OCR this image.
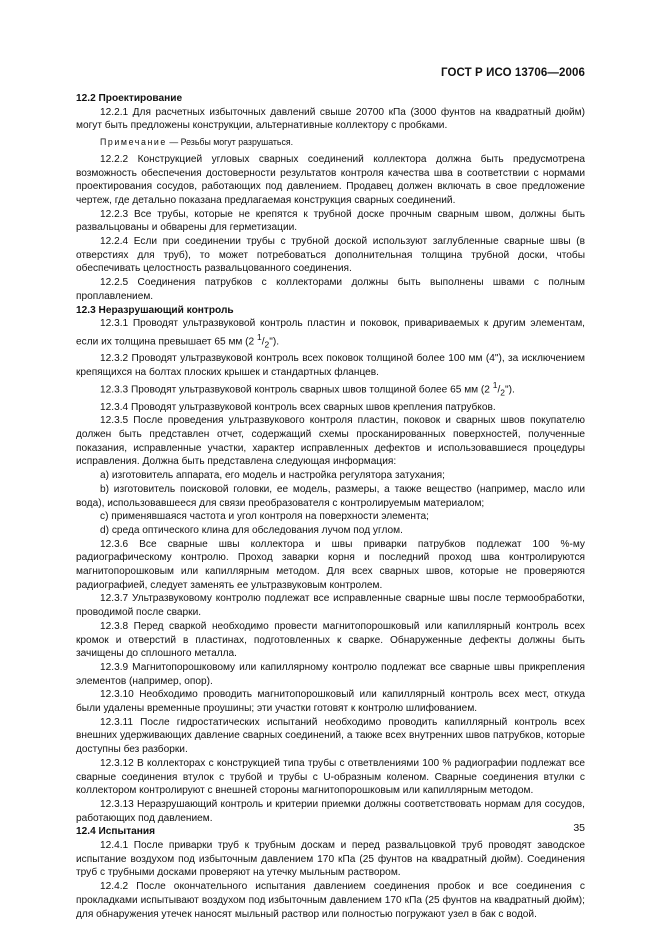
ГОСТ Р ИСО 13706—2006

12.2 Проектирование

12.2.1 Для расчетных избыточных давлений свыше 20700 кПа (3000 фунтов на квадратный дюйм) могут быть предложены конструкции, альтернативные коллектору с пробками.

Примечание — Резьбы могут разрушаться.

12.2.2 Конструкцией угловых сварных соединений коллектора должна быть предусмотрена возможность обеспечения достоверности результатов контроля качества шва в соответствии с нормами проектирования сосудов, работающих под давлением. Продавец должен включать в свое предложение чертеж, где детально показана предлагаемая конструкция сварных соединений.

12.2.3 Все трубы, которые не крепятся к трубной доске прочным сварным швом, должны быть развальцованы и обварены для герметизации.

12.2.4 Если при соединении трубы с трубной доской используют заглубленные сварные швы (в отверстиях для труб), то может потребоваться дополнительная толщина трубной доски, чтобы обеспечивать целостность развальцованного соединения.

12.2.5 Соединения патрубков с коллекторами должны быть выполнены швами с полным проплавлением.

12.3 Неразрушающий контроль

12.3.1 Проводят ультразвуковой контроль пластин и поковок, привариваемых к другим элементам, если их толщина превышает 65 мм (2 $^1/_2$").

12.3.2 Проводят ультразвуковой контроль всех поковок толщиной более 100 мм (4"), за исключением крепящихся на болтах плоских крышек и стандартных фланцев.

12.3.3 Проводят ультразвуковой контроль сварных швов толщиной более 65 мм (2 $^1/_2$").

12.3.4 Проводят ультразвуковой контроль всех сварных швов крепления патрубков.

12.3.5 После проведения ультразвукового контроля пластин, поковок и сварных швов покупателю должен быть представлен отчет, содержащий схемы просканированных поверхностей, полученные показания, исправленные участки, характер исправленных дефектов и использовавшиеся процедуры исправления. Должна быть представлена следующая информация:

a) изготовитель аппарата, его модель и настройка регулятора затухания;

b) изготовитель поисковой головки, ее модель, размеры, а также вещество (например, масло или вода), использовавшееся для связи преобразователя с контролируемым материалом;

c) применявшаяся частота и угол контроля на поверхности элемента;

d) среда оптического клина для обследования лучом под углом.

12.3.6 Все сварные швы коллектора и швы приварки патрубков подлежат 100 %-му радиографическому контролю. Проход заварки корня и последний проход шва контролируются магнитопорошковым или капиллярным методом. Для всех сварных швов, которые не проверяются радиографией, следует заменять ее ультразвуковым контролем.

12.3.7 Ультразвуковому контролю подлежат все исправленные сварные швы после термообработки, проводимой после сварки.

12.3.8 Перед сваркой необходимо провести магнитопорошковый или капиллярный контроль всех кромок и отверстий в пластинах, подготовленных к сварке. Обнаруженные дефекты должны быть зачищены до сплошного металла.

12.3.9 Магнитопорошковому или капиллярному контролю подлежат все сварные швы прикрепления элементов (например, опор).

12.3.10 Необходимо проводить магнитопорошковый или капиллярный контроль всех мест, откуда были удалены временные проушины; эти участки готовят к контролю шлифованием.

12.3.11 После гидростатических испытаний необходимо проводить капиллярный контроль всех внешних удерживающих давление сварных соединений, а также всех внутренних швов патрубков, которые доступны без разборки.

12.3.12 В коллекторах с конструкцией типа трубы с ответвлениями 100 % радиографии подлежат все сварные соединения втулок с трубой и трубы с U-образным коленом. Сварные соединения втулки с коллектором контролируют с внешней стороны магнитопорошковым или капиллярным методом.

12.3.13 Неразрушающий контроль и критерии приемки должны соответствовать нормам для сосудов, работающих под давлением.

12.4 Испытания

12.4.1 После приварки труб к трубным доскам и перед развальцовкой труб проводят заводское испытание воздухом под избыточным давлением 170 кПа (25 фунтов на квадратный дюйм). Соединения труб с трубными досками проверяют на утечку мыльным раствором.

12.4.2 После окончательного испытания давлением соединения пробок и все соединения с прокладками испытывают воздухом под избыточным давлением 170 кПа (25 фунтов на квадратный дюйм); для обнаружения утечек наносят мыльный раствор или полностью погружают узел в бак с водой.

35
